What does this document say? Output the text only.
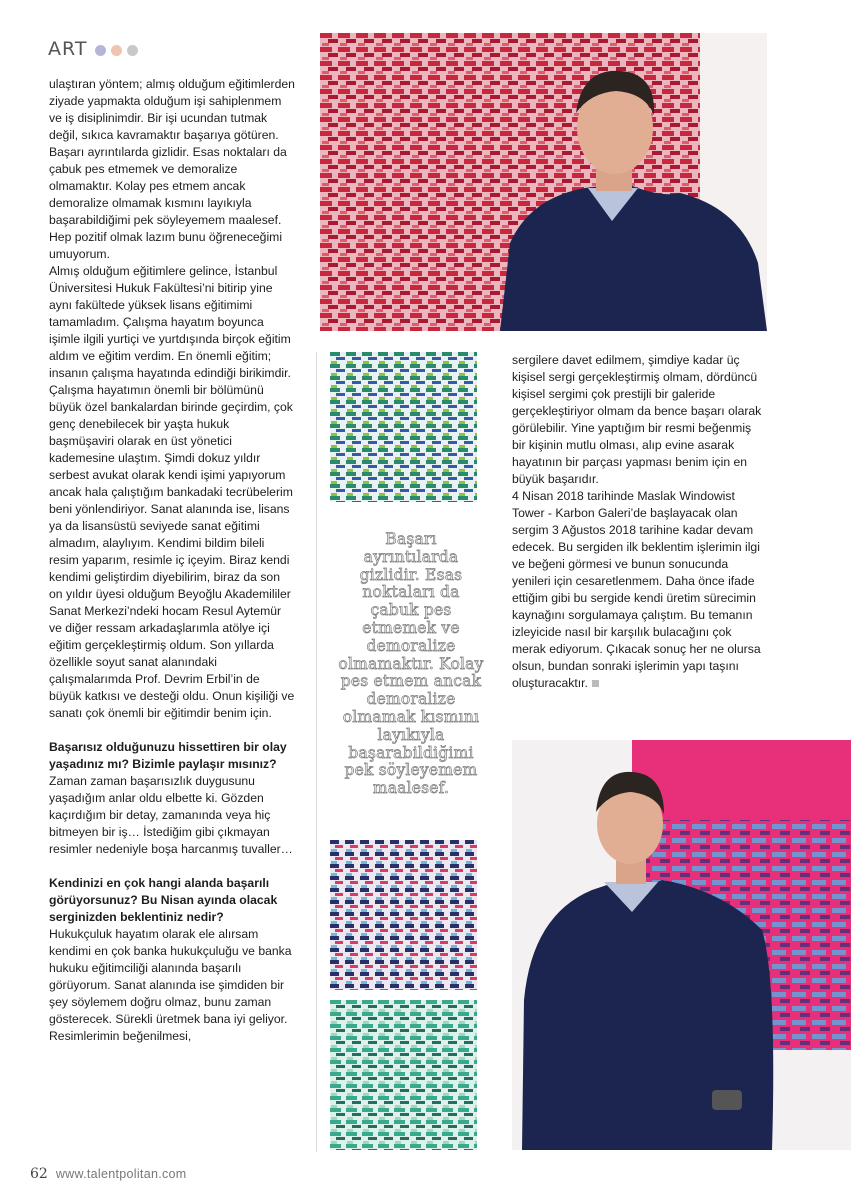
ART

ulaştıran yöntem; almış olduğum eğitimlerden ziyade yapmakta olduğum işi sahiplenmem ve iş disiplinimdir. Bir işi ucundan tutmak değil, sıkıca kavramaktır başarıya götüren. Başarı ayrıntılarda gizlidir. Esas noktaları da çabuk pes etmemek ve demoralize olmamaktır. Kolay pes etmem ancak demoralize olmamak kısmını layıkıyla başarabildiğimi pek söyleyemem maalesef. Hep pozitif olmak lazım bunu öğreneceğimi umuyorum.

Almış olduğum eğitimlere gelince, İstanbul Üniversitesi Hukuk Fakültesi’ni bitirip yine aynı fakültede yüksek lisans eğitimimi tamamladım. Çalışma hayatım boyunca işimle ilgili yurtiçi ve yurtdışında birçok eğitim aldım ve eğitim verdim. En önemli eğitim; insanın çalışma hayatında edindiği birikimdir. Çalışma hayatımın önemli bir bölümünü büyük özel bankalardan birinde geçirdim, çok genç denebilecek bir yaşta hukuk başmüşaviri olarak en üst yönetici kademesine ulaştım. Şimdi dokuz yıldır serbest avukat olarak kendi işimi yapıyorum ancak hala çalıştığım bankadaki tecrübelerim beni yönlendiriyor. Sanat alanında ise, lisans ya da lisansüstü seviyede sanat eğitimi almadım, alaylıyım. Kendimi bildim bileli resim yaparım, resimle iç içeyim. Biraz kendi kendimi geliştirdim diyebilirim, biraz da son on yıldır üyesi olduğum Beyoğlu Akademililer Sanat Merkezi’ndeki hocam Resul Aytemür ve diğer ressam arkadaşlarımla atölye içi eğitim gerçekleştirmiş oldum. Son yıllarda özellikle soyut sanat alanındaki çalışmalarımda Prof. Devrim Erbil’in de büyük katkısı ve desteği oldu. Onun kişiliği ve sanatı çok önemli bir eğitimdir benim için.

Başarısız olduğunuzu hissettiren bir olay yaşadınız mı? Bizimle paylaşır mısınız?

Zaman zaman başarısızlık duygusunu yaşadığım anlar oldu elbette ki. Gözden kaçırdığım bir detay, zamanında veya hiç bitmeyen bir iş… İstediğim gibi çıkmayan resimler nedeniyle boşa harcanmış tuvaller…

Kendinizi en çok hangi alanda başarılı görüyorsunuz? Bu Nisan ayında olacak serginizden beklentiniz nedir?

Hukukçuluk hayatım olarak ele alırsam kendimi en çok banka hukukçuluğu ve banka hukuku eğitimciliği alanında başarılı görüyorum. Sanat alanında ise şimdiden bir şey söylemem doğru olmaz, bunu zaman gösterecek. Sürekli üretmek bana iyi geliyor. Resimlerimin beğenilmesi,

Başarı ayrıntılarda gizlidir. Esas noktaları da çabuk pes etmemek ve demoralize olmamaktır. Kolay pes etmem ancak demoralize olmamak kısmını layıkıyla başarabildiğimi pek söyleyemem maalesef.

sergilere davet edilmem, şimdiye kadar üç kişisel sergi gerçekleştirmiş olmam, dördüncü kişisel sergimi çok prestijli bir galeride gerçekleştiriyor olmam da bence başarı olarak görülebilir. Yine yaptığım bir resmi beğenmiş bir kişinin mutlu olması, alıp evine asarak hayatının bir parçası yapması benim için en büyük başarıdır.

4 Nisan 2018 tarihinde Maslak Windowist Tower - Karbon Galeri’de başlayacak olan sergim 3 Ağustos 2018 tarihine kadar devam edecek. Bu sergiden ilk beklentim işlerimin ilgi ve beğeni görmesi ve bunun sonucunda yenileri için cesaretlenmem. Daha önce ifade ettiğim gibi bu sergide kendi üretim sürecimin kaynağını sorgulamaya çalıştım. Bu temanın izleyicide nasıl bir karşılık bulacağını çok merak ediyorum. Çıkacak sonuç her ne olursa olsun, bundan sonraki işlerimin yapı taşını oluşturacaktır.

62 www.talentpolitan.com
